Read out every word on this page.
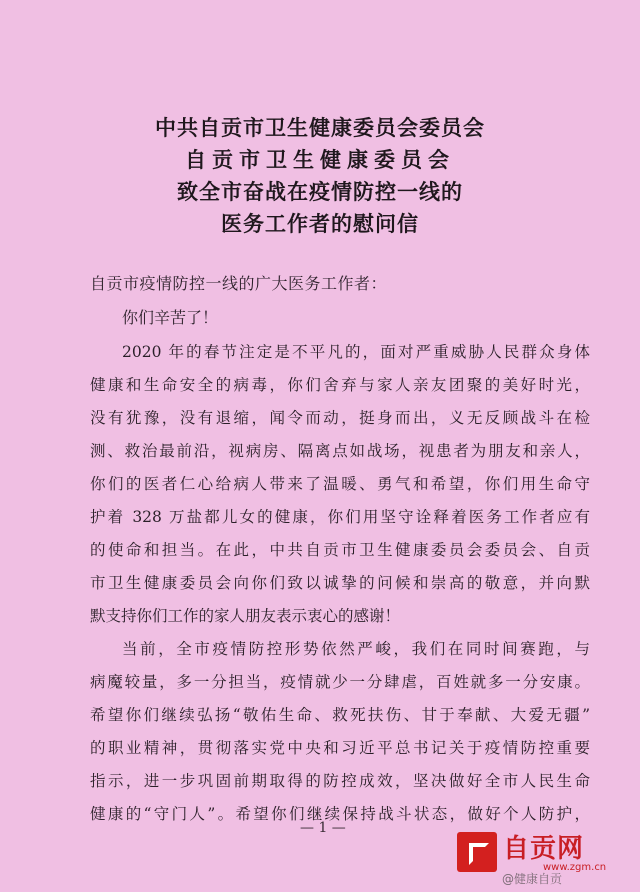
中共自贡市卫生健康委员会委员会
自贡市卫生健康委员会
致全市奋战在疫情防控一线的
医务工作者的慰问信
自贡市疫情防控一线的广大医务工作者：
你们辛苦了！
2020 年的春节注定是不平凡的，面对严重威胁人民群众身体
健康和生命安全的病毒，你们舍弃与家人亲友团聚的美好时光，
没有犹豫，没有退缩，闻令而动，挺身而出，义无反顾战斗在检
测、救治最前沿，视病房、隔离点如战场，视患者为朋友和亲人，
你们的医者仁心给病人带来了温暖、勇气和希望，你们用生命守
护着 328 万盐都儿女的健康，你们用坚守诠释着医务工作者应有
的使命和担当。在此，中共自贡市卫生健康委员会委员会、自贡
市卫生健康委员会向你们致以诚挚的问候和崇高的敬意，并向默
默支持你们工作的家人朋友表示衷心的感谢！
当前，全市疫情防控形势依然严峻，我们在同时间赛跑，与
病魔较量，多一分担当，疫情就少一分肆虐，百姓就多一分安康。
希望你们继续弘扬“敬佑生命、救死扶伤、甘于奉献、大爱无疆”
的职业精神，贯彻落实党中央和习近平总书记关于疫情防控重要
指示，进一步巩固前期取得的防控成效，坚决做好全市人民生命
健康的“守门人”。希望你们继续保持战斗状态，做好个人防护，
— 1 —
自贡网
www.zgm.cn
@健康自贡
